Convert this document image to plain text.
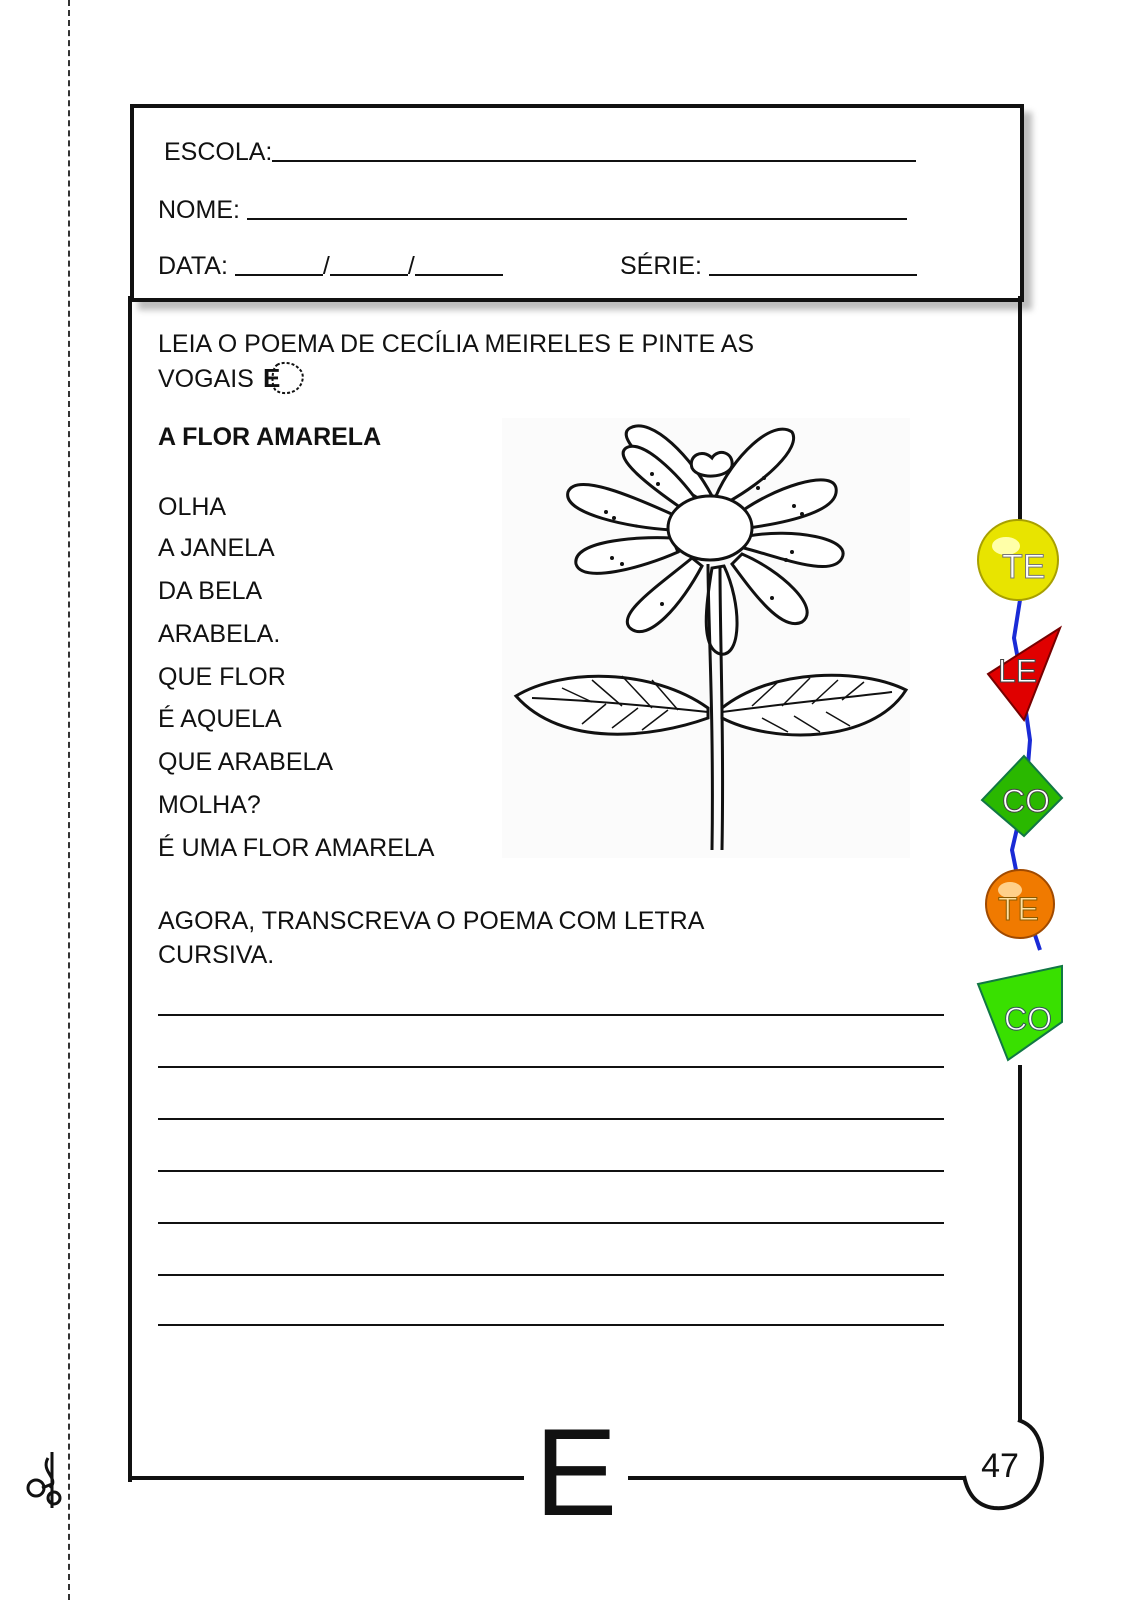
ESCOLA:
NOME:
DATA:	/	/	SÉRIE:
LEIA O POEMA DE CECÍLIA MEIRELES E PINTE AS
VOGAIS E
A FLOR AMARELA
OLHA
A JANELA
DA BELA
ARABELA.
QUE FLOR
É AQUELA
QUE ARABELA
MOLHA?
É UMA FLOR AMARELA
AGORA, TRANSCREVA O POEMA COM LETRA
CURSIVA.
TE
LE
CO
TE
CO
E	47
